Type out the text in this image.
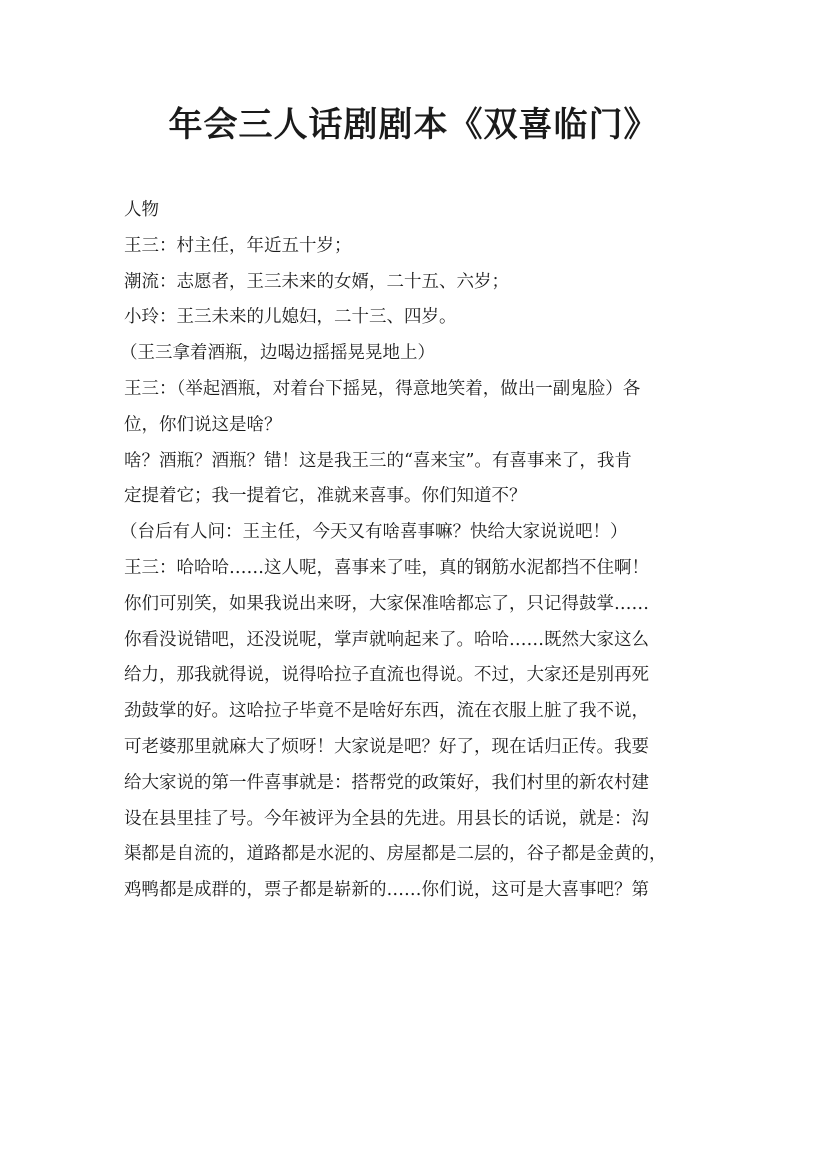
年会三人话剧剧本《双喜临门》

人物

王三：村主任，年近五十岁；

潮流：志愿者，王三未来的女婿，二十五、六岁；

小玲：王三未来的儿媳妇，二十三、四岁。

（王三拿着酒瓶，边喝边摇摇晃晃地上）

王三：（举起酒瓶，对着台下摇晃，得意地笑着，做出一副鬼脸）各

位，你们说这是啥？

啥？酒瓶？酒瓶？错！这是我王三的“喜来宝”。有喜事来了，我肯

定提着它；我一提着它，准就来喜事。你们知道不？

（台后有人问：王主任，今天又有啥喜事嘛？快给大家说说吧！）

王三：哈哈哈……这人呢，喜事来了哇，真的钢筋水泥都挡不住啊！

你们可别笑，如果我说出来呀，大家保准啥都忘了，只记得鼓掌……

你看没说错吧，还没说呢，掌声就响起来了。哈哈……既然大家这么

给力，那我就得说，说得哈拉子直流也得说。不过，大家还是别再死

劲鼓掌的好。这哈拉子毕竟不是啥好东西，流在衣服上脏了我不说，

可老婆那里就麻大了烦呀！大家说是吧？好了，现在话归正传。我要

给大家说的第一件喜事就是：搭帮党的政策好，我们村里的新农村建

设在县里挂了号。今年被评为全县的先进。用县长的话说，就是：沟

渠都是自流的，道路都是水泥的、房屋都是二层的，谷子都是金黄的，

鸡鸭都是成群的，票子都是崭新的……你们说，这可是大喜事吧？第
